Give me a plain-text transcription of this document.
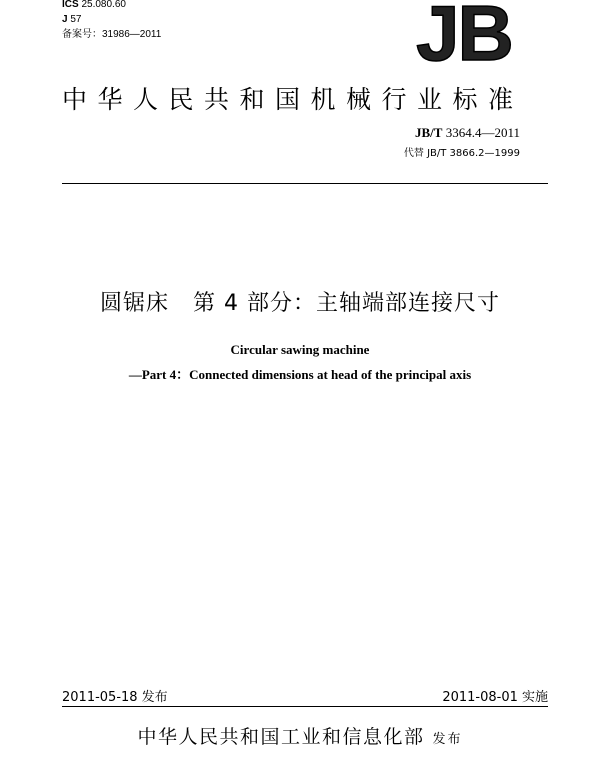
ICS 25.080.60
J 57
备案号：31986—2011	JB
中华人民共和国机械行业标准
JB/T 3364.4—2011
代替 JB/T 3866.2—1999
圆锯床   第 4 部分：主轴端部连接尺寸
Circular sawing machine
—Part 4：Connected dimensions at head of the principal axis
2011-05-18 发布	2011-08-01 实施
中华人民共和国工业和信息化部 发布
